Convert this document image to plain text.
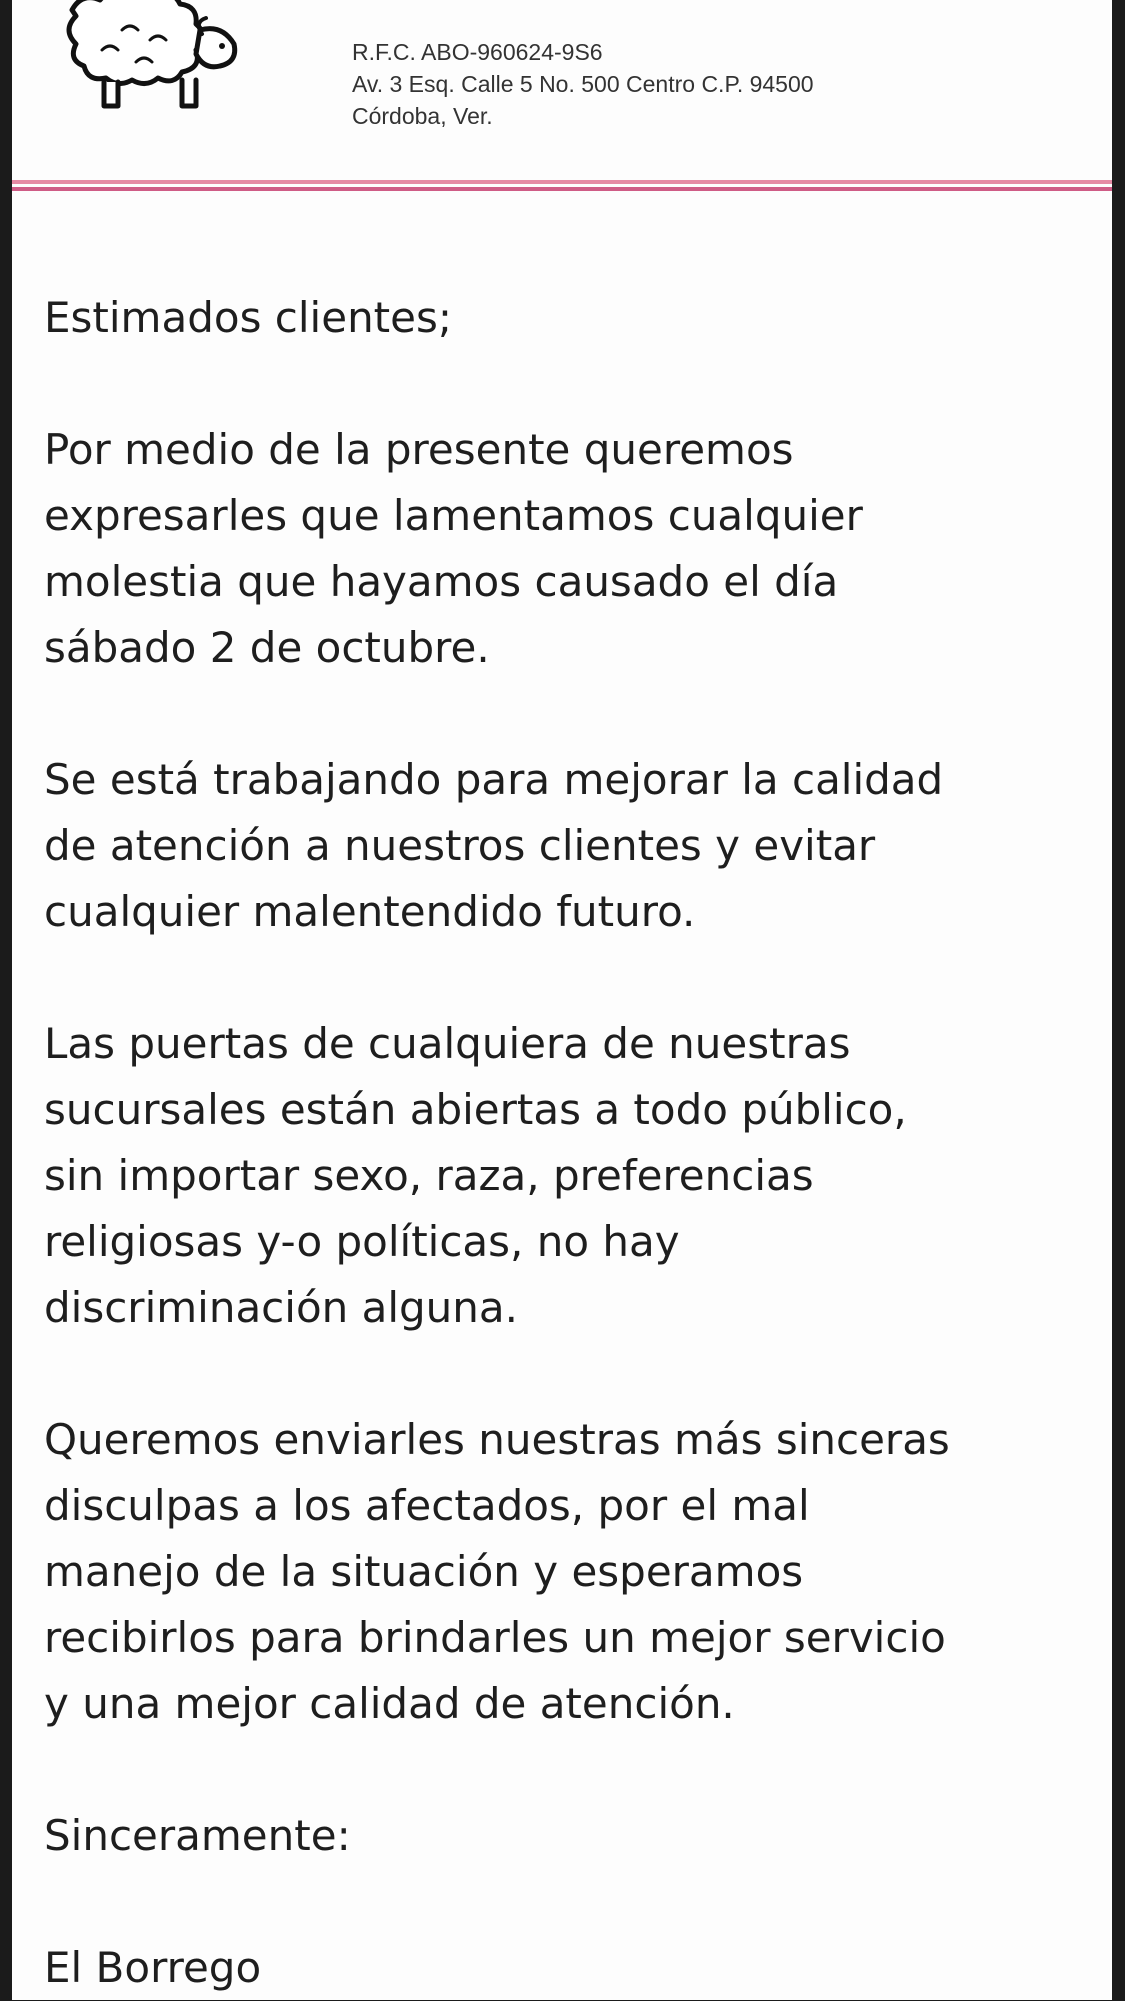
R.F.C. ABO-960624-9S6
Av. 3 Esq. Calle 5 No. 500 Centro C.P. 94500
Córdoba, Ver.

Estimados clientes;

Por medio de la presente queremos
expresarles que lamentamos cualquier
molestia que hayamos causado el día
sábado 2 de octubre.

Se está trabajando para mejorar la calidad
de atención a nuestros clientes y evitar
cualquier malentendido futuro.

Las puertas de cualquiera de nuestras
sucursales están abiertas a todo público,
sin importar sexo, raza, preferencias
religiosas y-o políticas, no hay
discriminación alguna.

Queremos enviarles nuestras más sinceras
disculpas a los afectados, por el mal
manejo de la situación y esperamos
recibirlos para brindarles un mejor servicio
y una mejor calidad de atención.

Sinceramente:

El Borrego
